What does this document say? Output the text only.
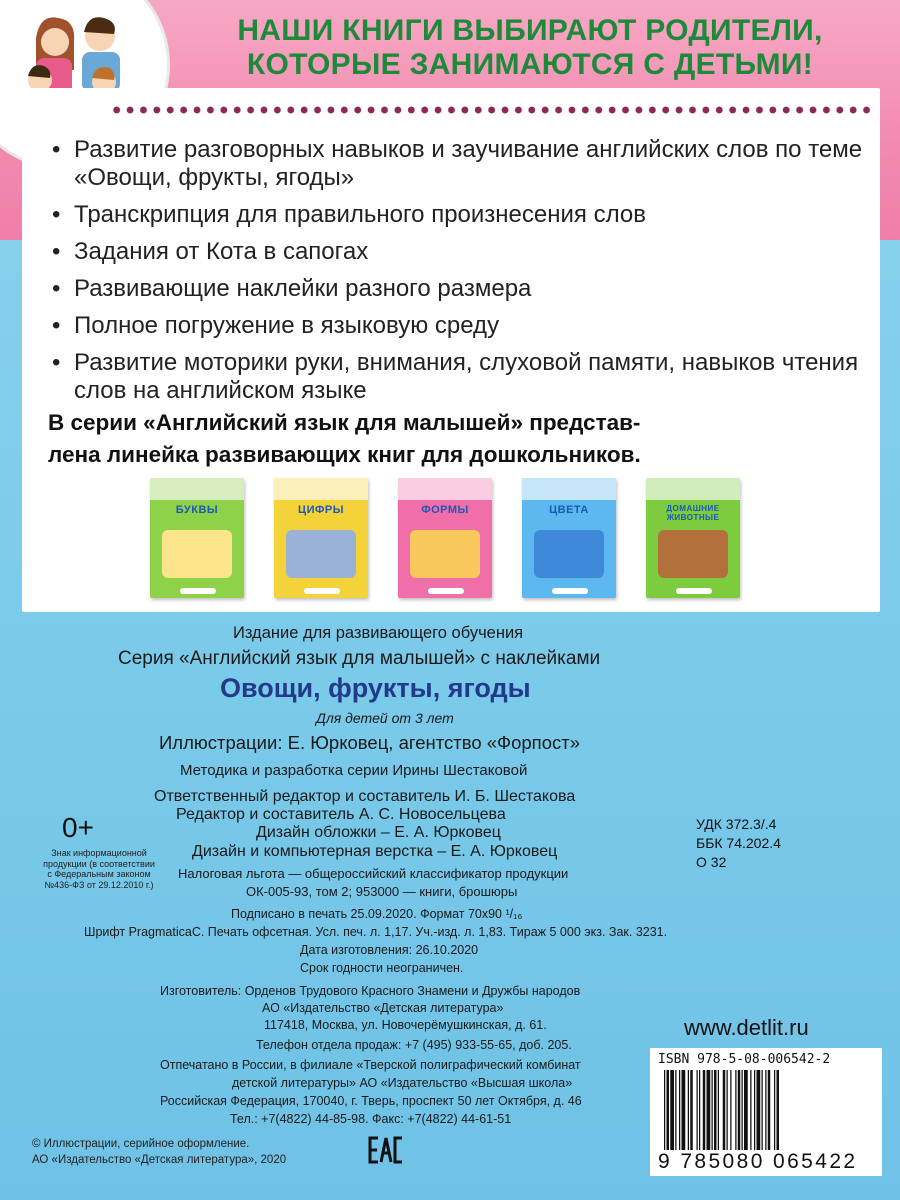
НАШИ КНИГИ ВЫБИРАЮТ РОДИТЕЛИ,
КОТОРЫЕ ЗАНИМАЮТСЯ С ДЕТЬМИ!
• Развитие разговорных навыков и заучивание английских слов по теме «Овощи, фрукты, ягоды»
• Транскрипция для правильного произнесения слов
• Задания от Кота в сапогах
• Развивающие наклейки разного размера
• Полное погружение в языковую среду
• Развитие моторики руки, внимания, слуховой памяти, навыков чтения слов на английском языке
В серии «Английский язык для малышей» представ-
лена линейка развивающих книг для дошкольников.
БУКВЫ	ЦИФРЫ	ФОРМЫ	ЦВЕТА	ДОМАШНИЕ ЖИВОТНЫЕ
Издание для развивающего обучения
Серия «Английский язык для малышей» с наклейками
Овощи, фрукты, ягоды
Для детей от 3 лет
Иллюстрации: Е. Юрковец, агентство «Форпост»
Методика и разработка серии Ирины Шестаковой
Ответственный редактор и составитель И. Б. Шестакова
Редактор и составитель А. С. Новосельцева
Дизайн обложки – Е. А. Юрковец
Дизайн и компьютерная верстка – Е. А. Юрковец
Налоговая льгота — общероссийский классификатор продукции
ОК-005-93, том 2; 953000 — книги, брошюры
Подписано в печать 25.09.2020. Формат 70х90 ¹/₁₆
Шрифт PragmaticaC. Печать офсетная. Усл. печ. л. 1,17. Уч.-изд. л. 1,83. Тираж 5 000 экз. Зак. 3231.
Дата изготовления: 26.10.2020
Срок годности неограничен.
Изготовитель: Орденов Трудового Красного Знамени и Дружбы народов
АО «Издательство «Детская литература»
117418, Москва, ул. Новочерёмушкинская, д. 61.
Телефон отдела продаж: +7 (495) 933-55-65, доб. 205.
Отпечатано в России, в филиале «Тверской полиграфический комбинат
детской литературы» АО «Издательство «Высшая школа»
Российская Федерация, 170040, г. Тверь, проспект 50 лет Октября, д. 46
Тел.: +7(4822) 44-85-98. Факс: +7(4822) 44-61-51
0+
Знак информационной продукции (в соответствии с Федеральным законом №436-ФЗ от 29.12.2010 г.)
УДК 372.3/.4
ББК 74.202.4
О 32
www.detlit.ru
ISBN 978-5-08-006542-2
9 785080 065422
© Иллюстрации, серийное оформление.
АО «Издательство «Детская литература», 2020
